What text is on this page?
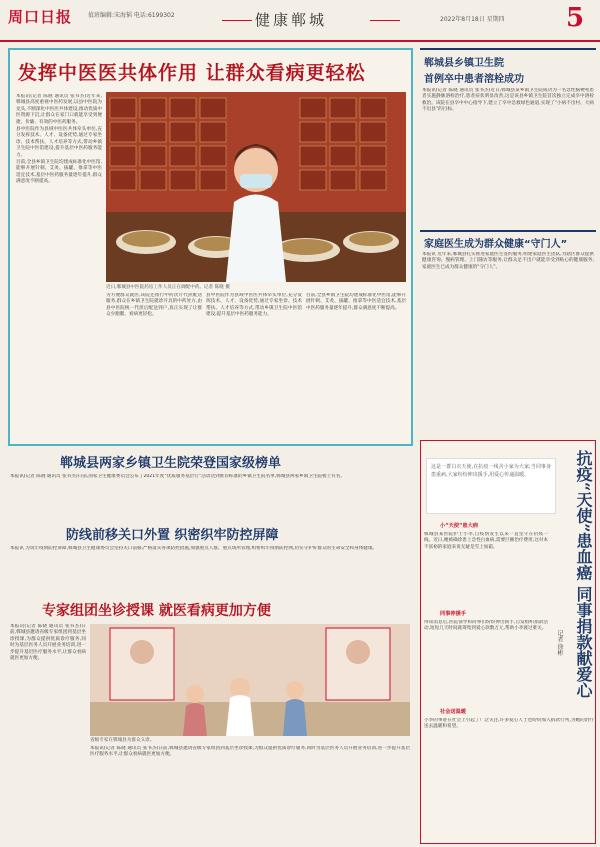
周口日报	值班编辑:宋海韬 电话:6199302	健康郸城	2022年8月18日 星期四 5
发挥中医医共体作用 让群众看病更轻松

本报讯(记者 陈晓 通讯员 张书杰)近年来,郸城县高度重视中医药发展,以县中医院为龙头,不断深化中医医共体建设,推动优质中医资源下沉,让群众在家门口就能享受到便捷、价廉、有效的中医药服务。

县中医院作为县域中医医共体牵头单位,充分发挥技术、人才、设备优势,通过专家坐诊、技术帮扶、人才培养等方式,带动乡镇卫生院中医馆建设,提升基层中医药服务能力。

目前,全县乡镇卫生院均建成标准化中医馆,能够开展针刺、艾灸、拔罐、推拿等中医适宜技术,基层中医药服务量逐年提升,群众满意度不断提高。

近日,郸城县中医院药房工作人员正在调配中药。记者 陈晓 摄

为方便群众就医,该院还推行中药饮片代煎配送服务,群众在乡镇卫生院就诊开具的中药处方,由县中医院统一代煎后配送到户,真正实现了让群众少跑腿、看病更轻松。

县中医院作为县域中医医共体牵头单位,充分发挥技术、人才、设备优势,通过专家坐诊、技术帮扶、人才培养等方式,带动乡镇卫生院中医馆建设,提升基层中医药服务能力。

目前,全县乡镇卫生院均建成标准化中医馆,能够开展针刺、艾灸、拔罐、推拿等中医适宜技术,基层中医药服务量逐年提升,群众满意度不断提高。

郸城县乡镇卫生院
首例卒中患者溶栓成功

本报讯(记者 陈晓 通讯员 张书杰)近日,郸城县某乡镇卫生院成功为一名急性脑梗死患者实施静脉溶栓治疗,患者症状明显改善,这是该县乡镇卫生院首次独立完成卒中溶栓救治。该院在县卒中中心指导下,建立了卒中急救绿色通道,实现了“小病不出村、大病不出县”的目标。

家庭医生成为群众健康“守门人”

本报讯 近年来,郸城县扎实推进家庭医生签约服务,组建家庭医生团队,为辖区群众提供健康咨询、慢病管理、上门随访等服务,让群众足不出户就能享受到贴心的健康服务,家庭医生已成为群众健康的“守门人”。

郸城县两家乡镇卫生院荣登国家级榜单

本报讯(记者 陈晓 通讯员 张书杰)日前,国家卫生健康委员会公布了2021年度“优质服务基层行”活动达到推荐标准的乡镇卫生院名单,郸城县两家乡镇卫生院榜上有名。

防线前移关口外置 织密织牢防控屏障

本报讯 为筑牢疫情防控屏障,郸城县卫生健康委员会坚持关口前移,严格落实各项防控措施,加强重点人群、重点场所管理,织密织牢疫情防控网,切实守护好群众的生命安全和身体健康。

专家组团坐诊授课 就医看病更加方便

本报讯(记者 陈晓 通讯员 张书杰)日前,郸城县邀请省级专家组团到基层坐诊授课,为群众提供优质诊疗服务,同时为基层医务人员开展业务培训,进一步提升基层医疗服务水平,让群众看病就医更加方便。

省级专家在郸城县为群众义诊。

本报讯(记者 陈晓 通讯员 张书杰)日前,郸城县邀请省级专家组团到基层坐诊授课,为群众提供优质诊疗服务,同时为基层医务人员开展业务培训,进一步提升基层医疗服务水平,让群众看病就医更加方便。

抗疫“天使”患血癌 同事捐款献爱心
记者 徐彬
这是一群白衣天使,在抗疫一线舍小家为大家;当同事身患重病,大家纷纷伸出援手,用爱心传递温暖。
小“天使”患大病

郸城县某医院护士小李,自疫情发生以来一直坚守在抗疫一线。近日,她被确诊患上急性白血病,需要巨额治疗费用,这对本不富裕的家庭来说无疑是雪上加霜。

同事伸援手

得知消息后,医院领导和同事们纷纷伸出援手,自发组织捐款活动,短短几天时间就筹集到爱心款数万元,帮助小李渡过难关。

社会送温暖

小李的事迹在社会上引起了广泛关注,许多爱心人士也纷纷加入捐款行列,为她的治疗送去温暖和希望。
